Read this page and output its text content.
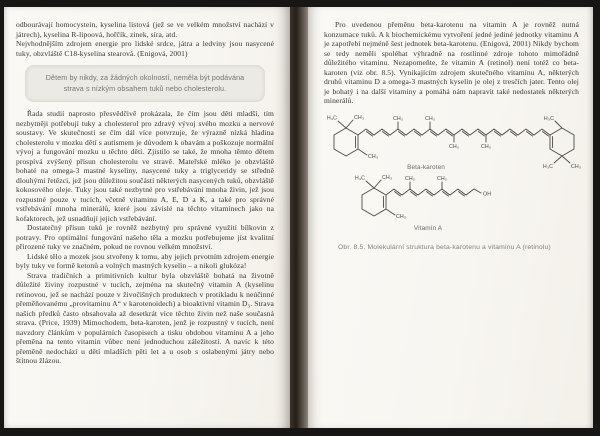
odbourávají homocystein, kyselina listová (jež se ve velkém množství nachází v játrech), kyselina R-lipoová, hořčík, zinek, síra, atd.

Nejvhodnějším zdrojem energie pro lidské srdce, játra a ledviny jsou nasycené tuky, obzvláště C18-kyselina stearová. (Enigová, 2001)

Dětem by nikdy, za žádných okolností, neměla být podávána strava s nízkým obsahem tuků nebo cholesterolu.

Řada studií naprosto přesvědčivě prokázala, že čím jsou děti mladší, tím nezbytněji potřebují tuky a cholesterol pro zdravý vývoj svého mozku a nervové soustavy. Ve skutečnosti se čím dál více potvrzuje, že výrazně nízká hladina cholesterolu v mozku dětí s autismem je důvodem k obavám a poškozuje normální vývoj a fungování mozku u těchto dětí. Zjistilo se také, že mnoha těmto dětem prospívá zvýšený přísun cholesterolu ve stravě. Mateřské mléko je obzvláště bohaté na omega-3 mastné kyseliny, nasycené tuky a triglyceridy se středně dlouhými řetězci, jež jsou důležitou součástí některých nasycených tuků, obzvláště kokosového oleje. Tuky jsou také nezbytné pro vstřebávání mnoha živin, jež jsou rozpustné pouze v tucích, včetně vitaminu A, E, D a K, a také pro správné vstřebávání mnoha minerálů, které jsou závislé na těchto vitaminech jako na kofaktorech, jež usnadňují jejich vstřebávání.

Dostatečný přísun tuků je rovněž nezbytný pro správné využití bílkovin z potravy. Pro optimální fungování našeho těla a mozku potřebujeme jíst kvalitní přirozené tuky ve značném, pokud ne rovnou velkém množství.

Lidské tělo a mozek jsou stvořeny k tomu, aby jejich prvotním zdrojem energie byly tuky ve formě ketonů a volných mastných kyselin – a nikoli glukóza!

Strava tradičních a primitivních kultur byla obzvláště bohatá na životně důležité živiny rozpustné v tucích, zejména na skutečný vitamin A (kyselinu retinovou, jež se nachází pouze v živočišných produktech v protikladu k neúčinné přeměňovanému „provitaminu A“ v karotenoidech) a bioaktivní vitamin D₃. Strava našich předků často obsahovala až desetkrát více těchto živin než naše současná strava. (Price, 1939) Mimochodem, beta-karoten, jenž je rozpustný v tucích, není navzdory článkům v populárních časopisech a tisku obdobou vitaminu A a jeho přeměna na tento vitamin vůbec není jednoduchou záležitostí. A navíc k této přeměně nedochází u dětí mladších pěti let a u osob s oslabenými játry nebo štítnou žlázou.

Pro uvedenou přeměnu beta-karotenu na vitamin A je rovněž nutná konzumace tuků. A k biochemickému vytvoření jedné jediné jednotky vitaminu A je zapotřebí nejméně šest jednotek beta-karotenu. (Enigová, 2001) Nikdy bychom se tedy neměli spoléhat výhradně na rostlinné zdroje tohoto mimořádně důležitého vitaminu. Nezapomeňte, že vitamin A (retinol) není totéž co beta-karoten (viz obr. 8.5). Vynikajícím zdrojem skutečného vitamínu A, některých druhů vitaminu D a omega-3 mastných kyselin je olej z tresčích jater. Tento olej je bohatý i na další vitaminy a pomáhá nám napravit také nedostatek některých minerálů.

H₃C	CH₃
CH₃
CH₃	CH₃
CH₃	CH₃
H₃C
H₃C	CH₃
Beta-karoten
H₃C	CH₃
CH₃
CH₃	CH₃
OH
Vitamín A
Obr. 8.5. Molekulární struktura beta-karotenu a vitaminu A (retinolu)
